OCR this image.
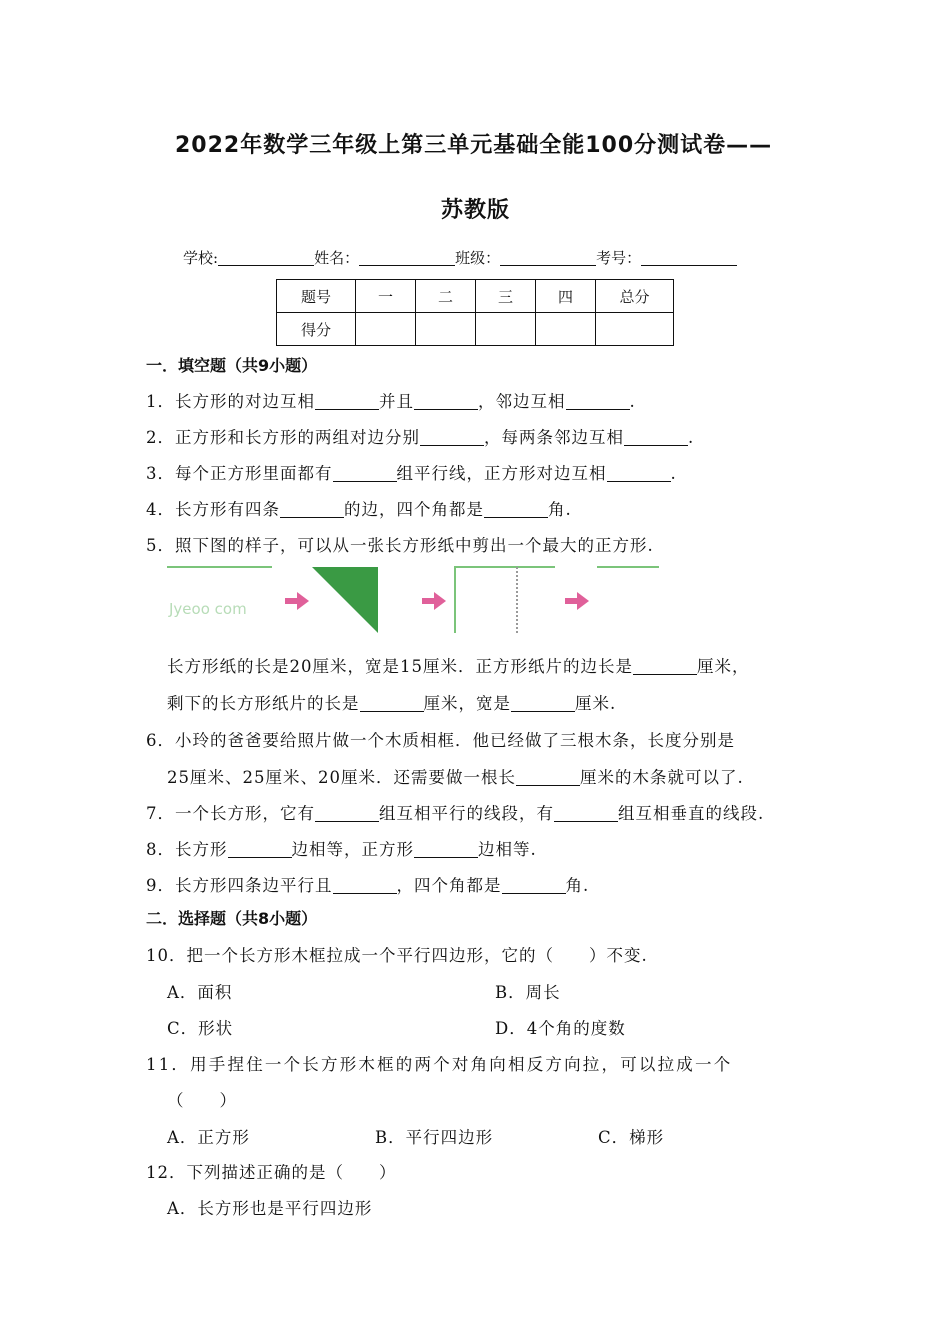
2022年数学三年级上第三单元基础全能100分测试卷——
苏教版
学校:	姓名：	班级：	考号：
题号	一	二	三	四	总分
得分					
一．填空题（共9小题）
1．长方形的对边互相	并且	，邻边互相	.
2．正方形和长方形的两组对边分别	，每两条邻边互相	.
3．每个正方形里面都有	组平行线，正方形对边互相	.
4．长方形有四条	的边，四个角都是	角.
5．照下图的样子，可以从一张长方形纸中剪出一个最大的正方形.
Jyeoo com
长方形纸的长是20厘米，宽是15厘米．正方形纸片的边长是	厘米，
剩下的长方形纸片的长是	厘米，宽是	厘米.
6．小玲的爸爸要给照片做一个木质相框．他已经做了三根木条，长度分别是
25厘米、25厘米、20厘米．还需要做一根长	厘米的木条就可以了.
7．一个长方形，它有	组互相平行的线段，有	组互相垂直的线段.
8．长方形	边相等，正方形	边相等.
9．长方形四条边平行且	，四个角都是	角.
二．选择题（共8小题）
10．把一个长方形木框拉成一个平行四边形，它的（　　）不变.
A．面积	B．周长
C．形状	D．4个角的度数
11．用手捏住一个长方形木框的两个对角向相反方向拉，可以拉成一个
（　　）
A．正方形	B．平行四边形	C．梯形
12．下列描述正确的是（　　）
A．长方形也是平行四边形
